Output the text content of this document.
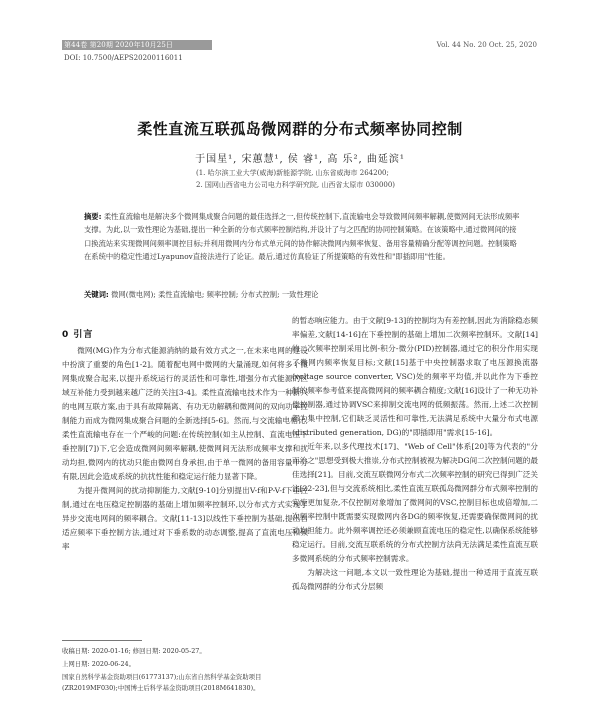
第44卷 第20期 2020年10月25日	Vol. 44 No. 20 Oct. 25, 2020
DOI: 10.7500/AEPS20200116011
柔性直流互联孤岛微网群的分布式频率协同控制
于国星¹, 宋蕙慧¹, 侯 睿¹, 高 乐², 曲延滨¹
(1. 哈尔滨工业大学(威海)新能源学院, 山东省威海市 264200;
2. 国网山西省电力公司电力科学研究院, 山西省太原市 030000)
摘要: 柔性直流输电是解决多个微网集成聚合问题的最佳选择之一,但传统控制下,直流输电会导致微网间频率解耦,使微网间无法形成频率支撑。为此,以一致性理论为基础,提出一种全新的分布式频率控制结构,并设计了与之匹配的协同控制策略。在该策略中,通过微网间的接口换流站来实现微网间频率调控目标;并利用微网内分布式单元间的协作解决微网内频率恢复、备用容量精确分配等调控问题。控制策略在系统中的稳定性通过Lyapunov直接法进行了论证。最后,通过仿真验证了所提策略的有效性和"即插即用"性能。
关键词: 微网(微电网); 柔性直流输电; 频率控制; 分布式控制; 一致性理论
0 引言

微网(MG)作为分布式能源消纳的最有效方式之一,在未来电网的建设中扮演了重要的角色[1-2]。随着配电网中微网的大量涌现,如何将多个微网集成聚合起来,以提升系统运行的灵活性和可靠性,增强分布式能源的区域互补能力受到越来越广泛的关注[3-4]。柔性直流输电技术作为一种新兴的电网互联方案,由于具有故障隔离、有功无功解耦和微网间的双向功率控制能力而成为微网集成聚合问题的全新选择[5-6]。然而,与交流输电相比,柔性直流输电存在一个严峻的问题:在传统控制(如主从控制、直流电压下垂控制[7])下,它会造成微网间频率解耦,使微网间无法形成频率支撑和扰动均担,微网内的扰动只能由微网自身承担,由于单一微网的备用容量十分有限,因此会造成系统的抗扰性能和稳定运行能力显著下降。

为提升微网间的扰动抑制能力,文献[9-10]分别提出V-f和P-V-f下垂控制,通过在电压稳定控制器的基础上增加频率控制环,以分布式方式实现了异步交流电网间的频率耦合。文献[11-13]以线性下垂控制为基础,提出自适应频率下垂控制方法,通过对下垂系数的动态调整,提高了直流电压和频率

的暂态响应能力。由于文献[9-13]的控制均为有差控制,因此为消除稳态频率偏差,文献[14-16]在下垂控制的基础上增加二次频率控制环。文献[14]的二次频率控制采用比例-积分-微分(PID)控制器,通过它的积分作用实现了微网内频率恢复目标;文献[15]基于中央控制器求取了电压源换流器(voltage source converter, VSC)处的频率平均值,并以此作为下垂控制的频率参考值来提高微网间的频率耦合精度;文献[16]设计了一种无功补偿控制器,通过协调VSC来抑制交流电网的低频振荡。然而,上述二次控制都为集中控制,它们缺乏灵活性和可靠性,无法满足系统中大量分布式电源(distributed generation, DG)的"即插即用"需求[15-16]。

近年来,以多代理技术[17]、"Web of Cell"体系[20]等为代表的"分而治之"思想受到极大推崇,分布式控制被视为解决DG间二次控制问题的最佳选择[21]。目前,交流互联微网分布式二次频率控制的研究已得到广泛关注[22-23],但与交流系统相比,柔性直流互联孤岛微网群分布式频率控制的实施更加复杂,不仅控制对象增加了微网间的VSC,控制目标也成倍增加,二次频率控制中既需要实现微网内各DG的频率恢复,还需要确保微网间的扰动均担能力。此外频率调控还必须兼顾直流电压的稳定性,以确保系统能够稳定运行。目前,交流互联系统的分布式控制方法尚无法满足柔性直流互联多微网系统的分布式频率控制需求。

为解决这一问题,本文以一致性理论为基础,提出一种适用于直流互联孤岛微网群的分布式分层频

收稿日期: 2020-01-16; 修回日期: 2020-05-27。
上网日期: 2020-06-24。
国家自然科学基金资助项目(61773137);山东省自然科学基金资助项目(ZR2019MF030);中国博士后科学基金资助项目(2018M641830)。
